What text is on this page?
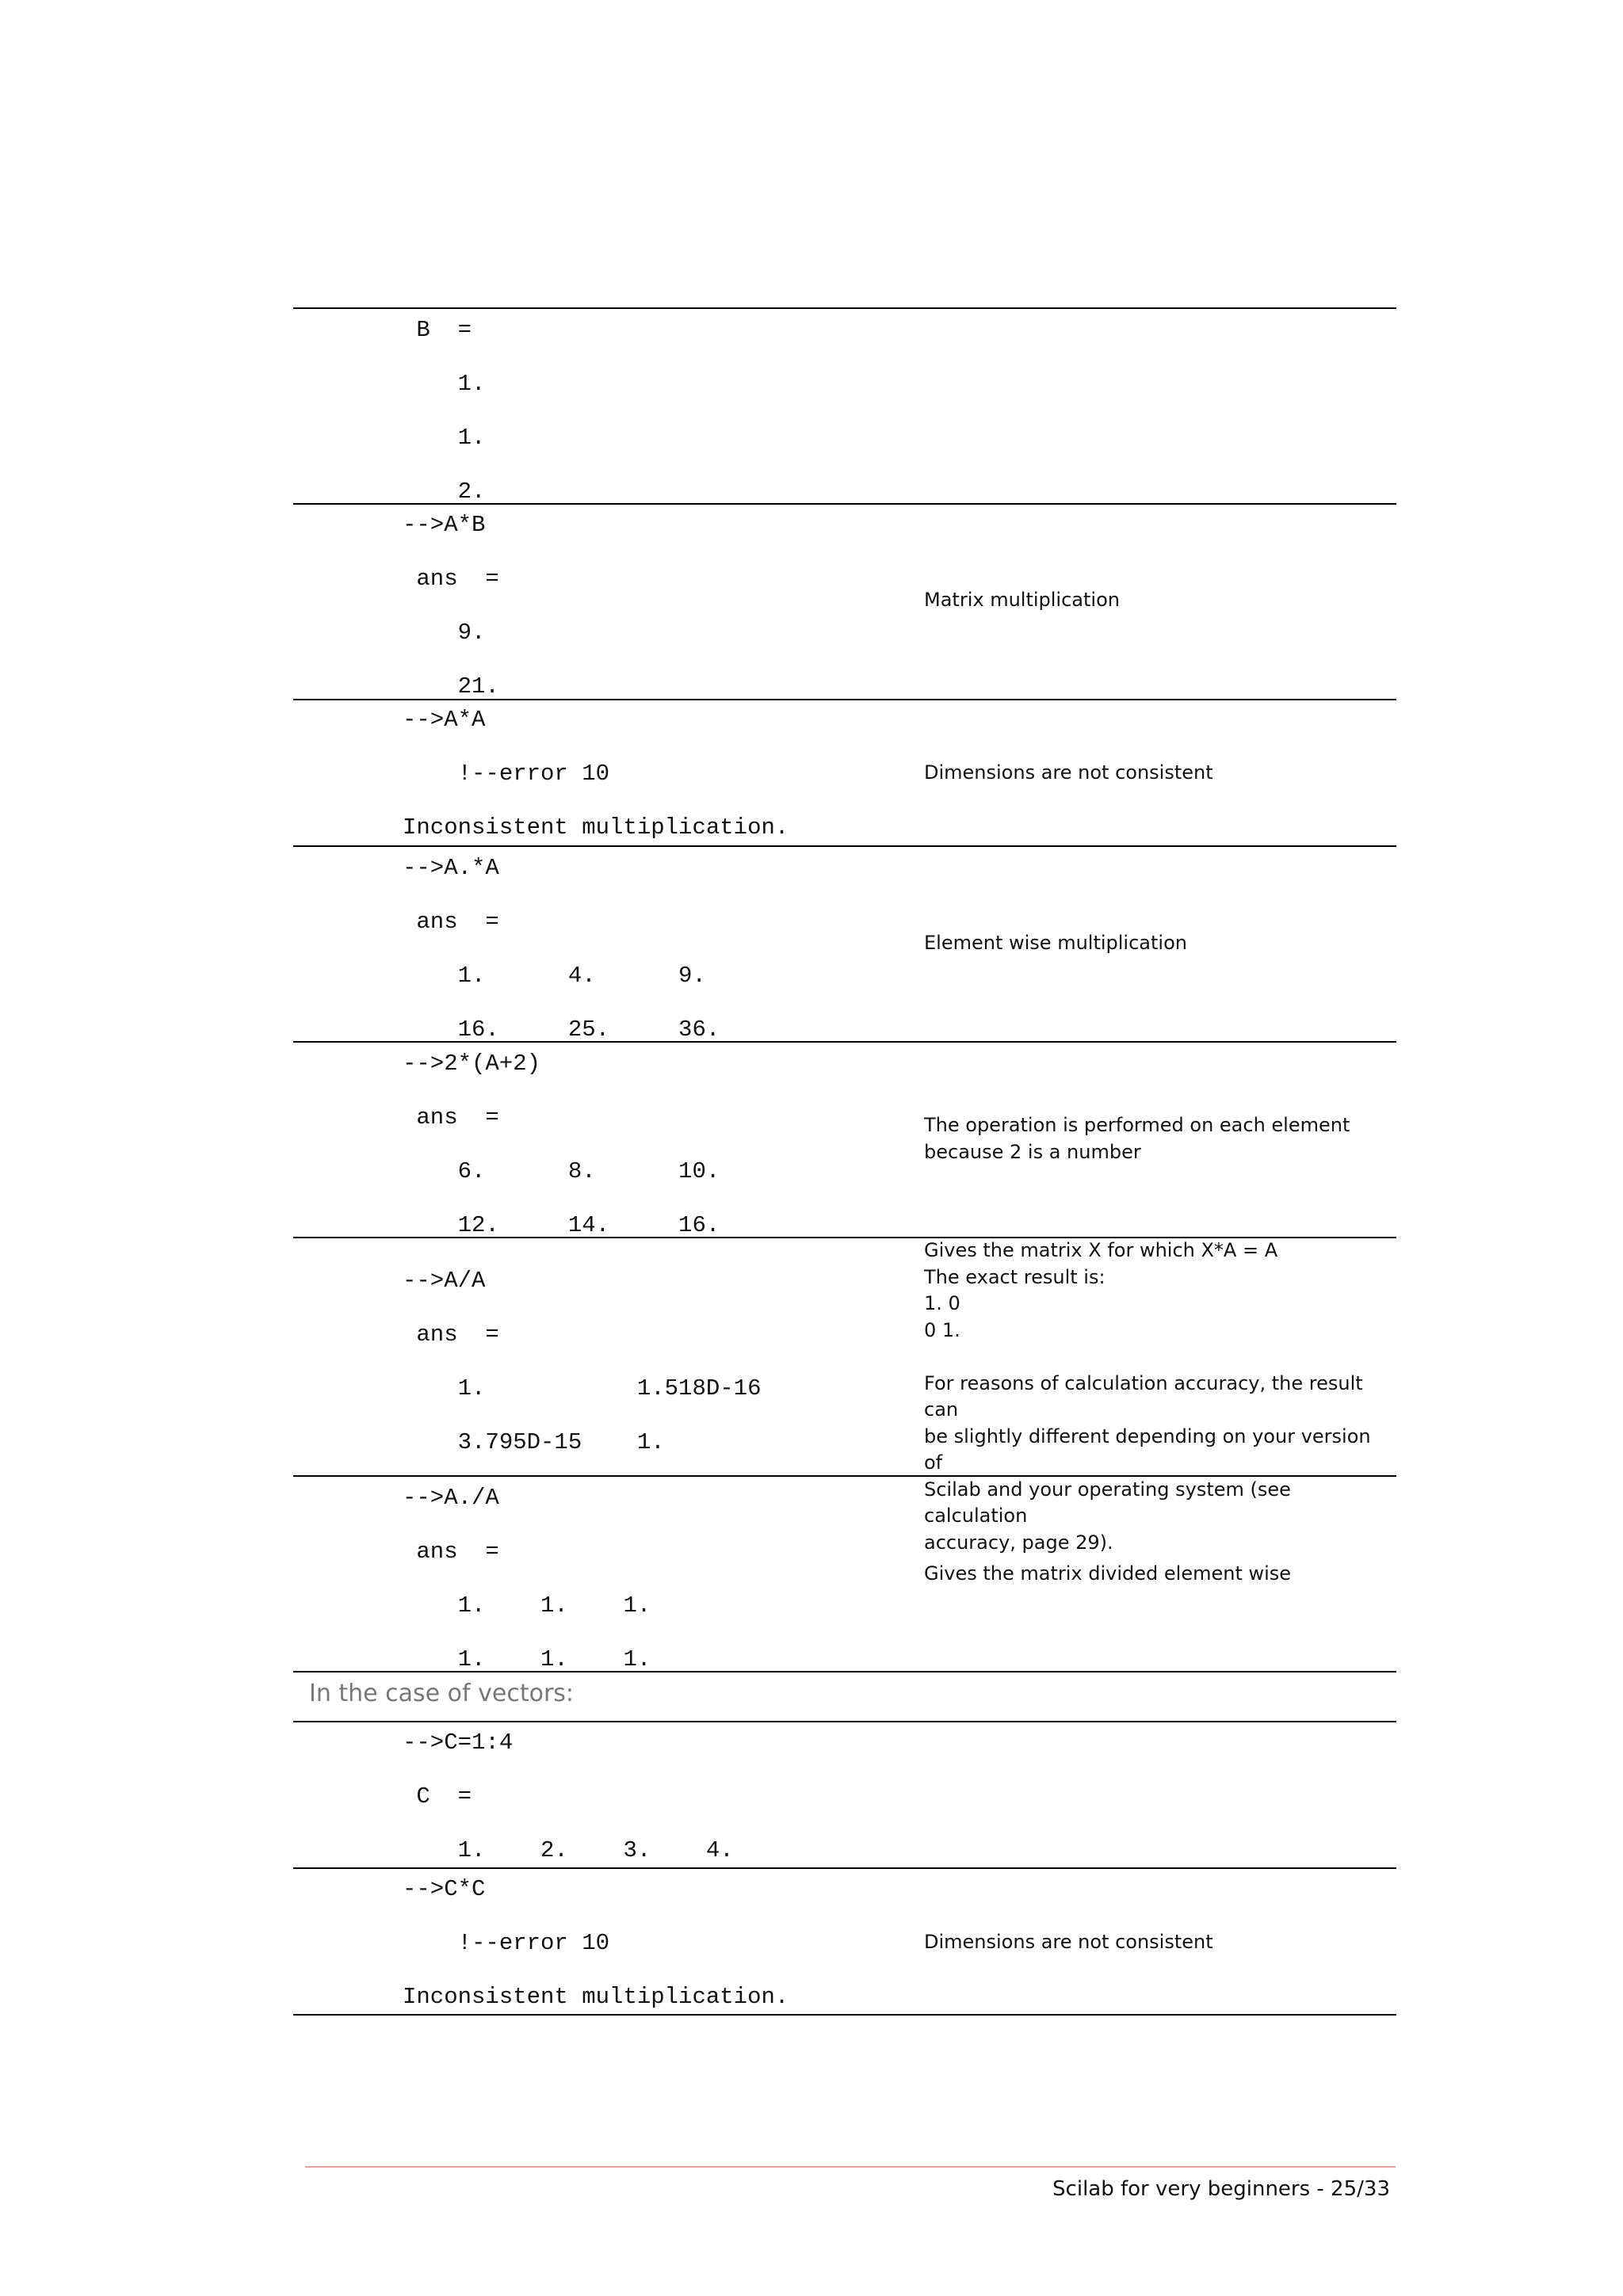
B  =

1.

1.

2.
-->A*B

ans  =

9.

21.
Matrix multiplication
-->A*A

!--error 10

Inconsistent multiplication.
Dimensions are not consistent
-->A.*A

ans  =

1.      4.      9.

16.     25.     36.
Element wise multiplication
-->2*(A+2)

ans  =

6.      8.      10.

12.     14.     16.
The operation is performed on each element
because 2 is a number
-->A/A

ans  =

1.           1.518D-16

3.795D-15    1.
Gives the matrix X for which X*A = A
The exact result is:
1. 0
0 1.

For reasons of calculation accuracy, the result can
be slightly different depending on your version of
Scilab and your operating system (see calculation
accuracy, page 29).
-->A./A

ans  =

1.    1.    1.

1.    1.    1.
Gives the matrix divided element wise
In the case of vectors:
-->C=1:4

C  =

1.    2.    3.    4.
-->C*C

!--error 10

Inconsistent multiplication.
Dimensions are not consistent
Scilab for very beginners - 25/33
